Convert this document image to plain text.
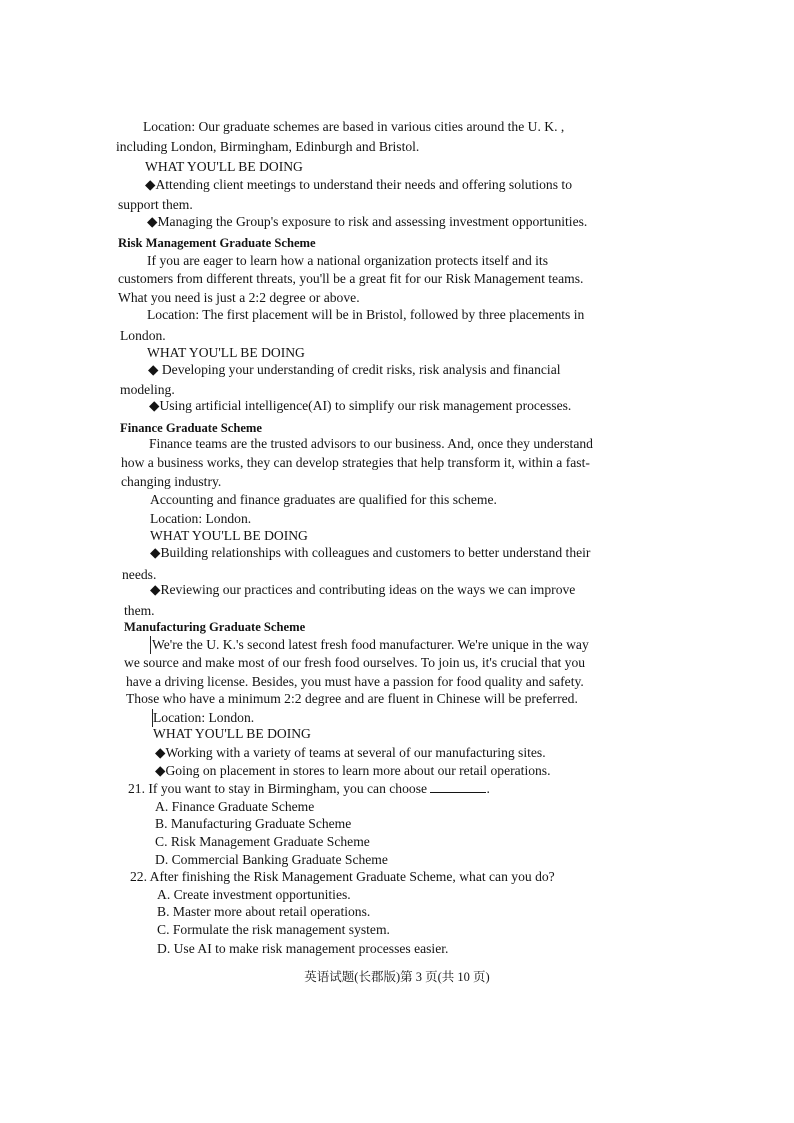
Location: Our graduate schemes are based in various cities around the U. K. ,
including London, Birmingham, Edinburgh and Bristol.
WHAT YOU'LL BE DOING
◆Attending client meetings to understand their needs and offering solutions to
support them.
◆Managing the Group's exposure to risk and assessing investment opportunities.
Risk Management Graduate Scheme
If you are eager to learn how a national organization protects itself and its
customers from different threats, you'll be a great fit for our Risk Management teams.
What you need is just a 2:2 degree or above.
Location: The first placement will be in Bristol, followed by three placements in
London.
WHAT YOU'LL BE DOING
◆ Developing your understanding of credit risks, risk analysis and financial
modeling.
◆Using artificial intelligence(AI) to simplify our risk management processes.
Finance Graduate Scheme
Finance teams are the trusted advisors to our business. And, once they understand
how a business works, they can develop strategies that help transform it, within a fast-
changing industry.
Accounting and finance graduates are qualified for this scheme.
Location: London.
WHAT YOU'LL BE DOING
◆Building relationships with colleagues and customers to better understand their
needs.
◆Reviewing our practices and contributing ideas on the ways we can improve
them.
Manufacturing Graduate Scheme
We're the U. K.'s second latest fresh food manufacturer. We're unique in the way
we source and make most of our fresh food ourselves. To join us, it's crucial that you
have a driving license. Besides, you must have a passion for food quality and safety.
Those who have a minimum 2:2 degree and are fluent in Chinese will be preferred.
Location: London.
WHAT YOU'LL BE DOING
◆Working with a variety of teams at several of our manufacturing sites.
◆Going on placement in stores to learn more about our retail operations.
A. Finance Graduate Scheme
B. Manufacturing Graduate Scheme
C. Risk Management Graduate Scheme
D. Commercial Banking Graduate Scheme
A. Create investment opportunities.
B. Master more about retail operations.
C. Formulate the risk management system.
D. Use AI to make risk management processes easier.
21. If you want to stay in Birmingham, you can choose	.
22. After finishing the Risk Management Graduate Scheme, what can you do?
英语试题(长郡版)第 3 页(共 10 页)
